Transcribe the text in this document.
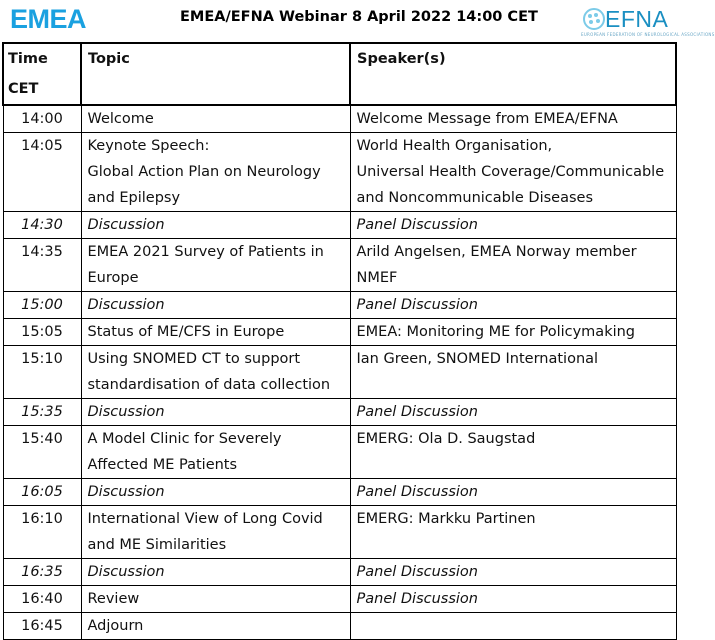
EMEA	EMEA/EFNA Webinar 8 April 2022 14:00 CET	EFNA
EUROPEAN FEDERATION OF NEUROLOGICAL ASSOCIATIONS
Time CET	Topic	Speaker(s)
14:00	Welcome	Welcome Message from EMEA/EFNA

14:05	Keynote Speech:
Global Action Plan on Neurology
and Epilepsy	World Health Organisation,
Universal Health Coverage/Communicable
and Noncommunicable Diseases

14:30	Discussion	Panel Discussion

14:35	EMEA 2021 Survey of Patients in
Europe	Arild Angelsen, EMEA Norway member
NMEF

15:00	Discussion	Panel Discussion

15:05	Status of ME/CFS in Europe	EMEA: Monitoring ME for Policymaking

15:10	Using SNOMED CT to support
standardisation of data collection	Ian Green, SNOMED International

15:35	Discussion	Panel Discussion

15:40	A Model Clinic for Severely
Affected ME Patients	EMERG: Ola D. Saugstad

16:05	Discussion	Panel Discussion

16:10	International View of Long Covid
and ME Similarities	EMERG: Markku Partinen

16:35	Discussion	Panel Discussion

16:40	Review	Panel Discussion

16:45	Adjourn	
